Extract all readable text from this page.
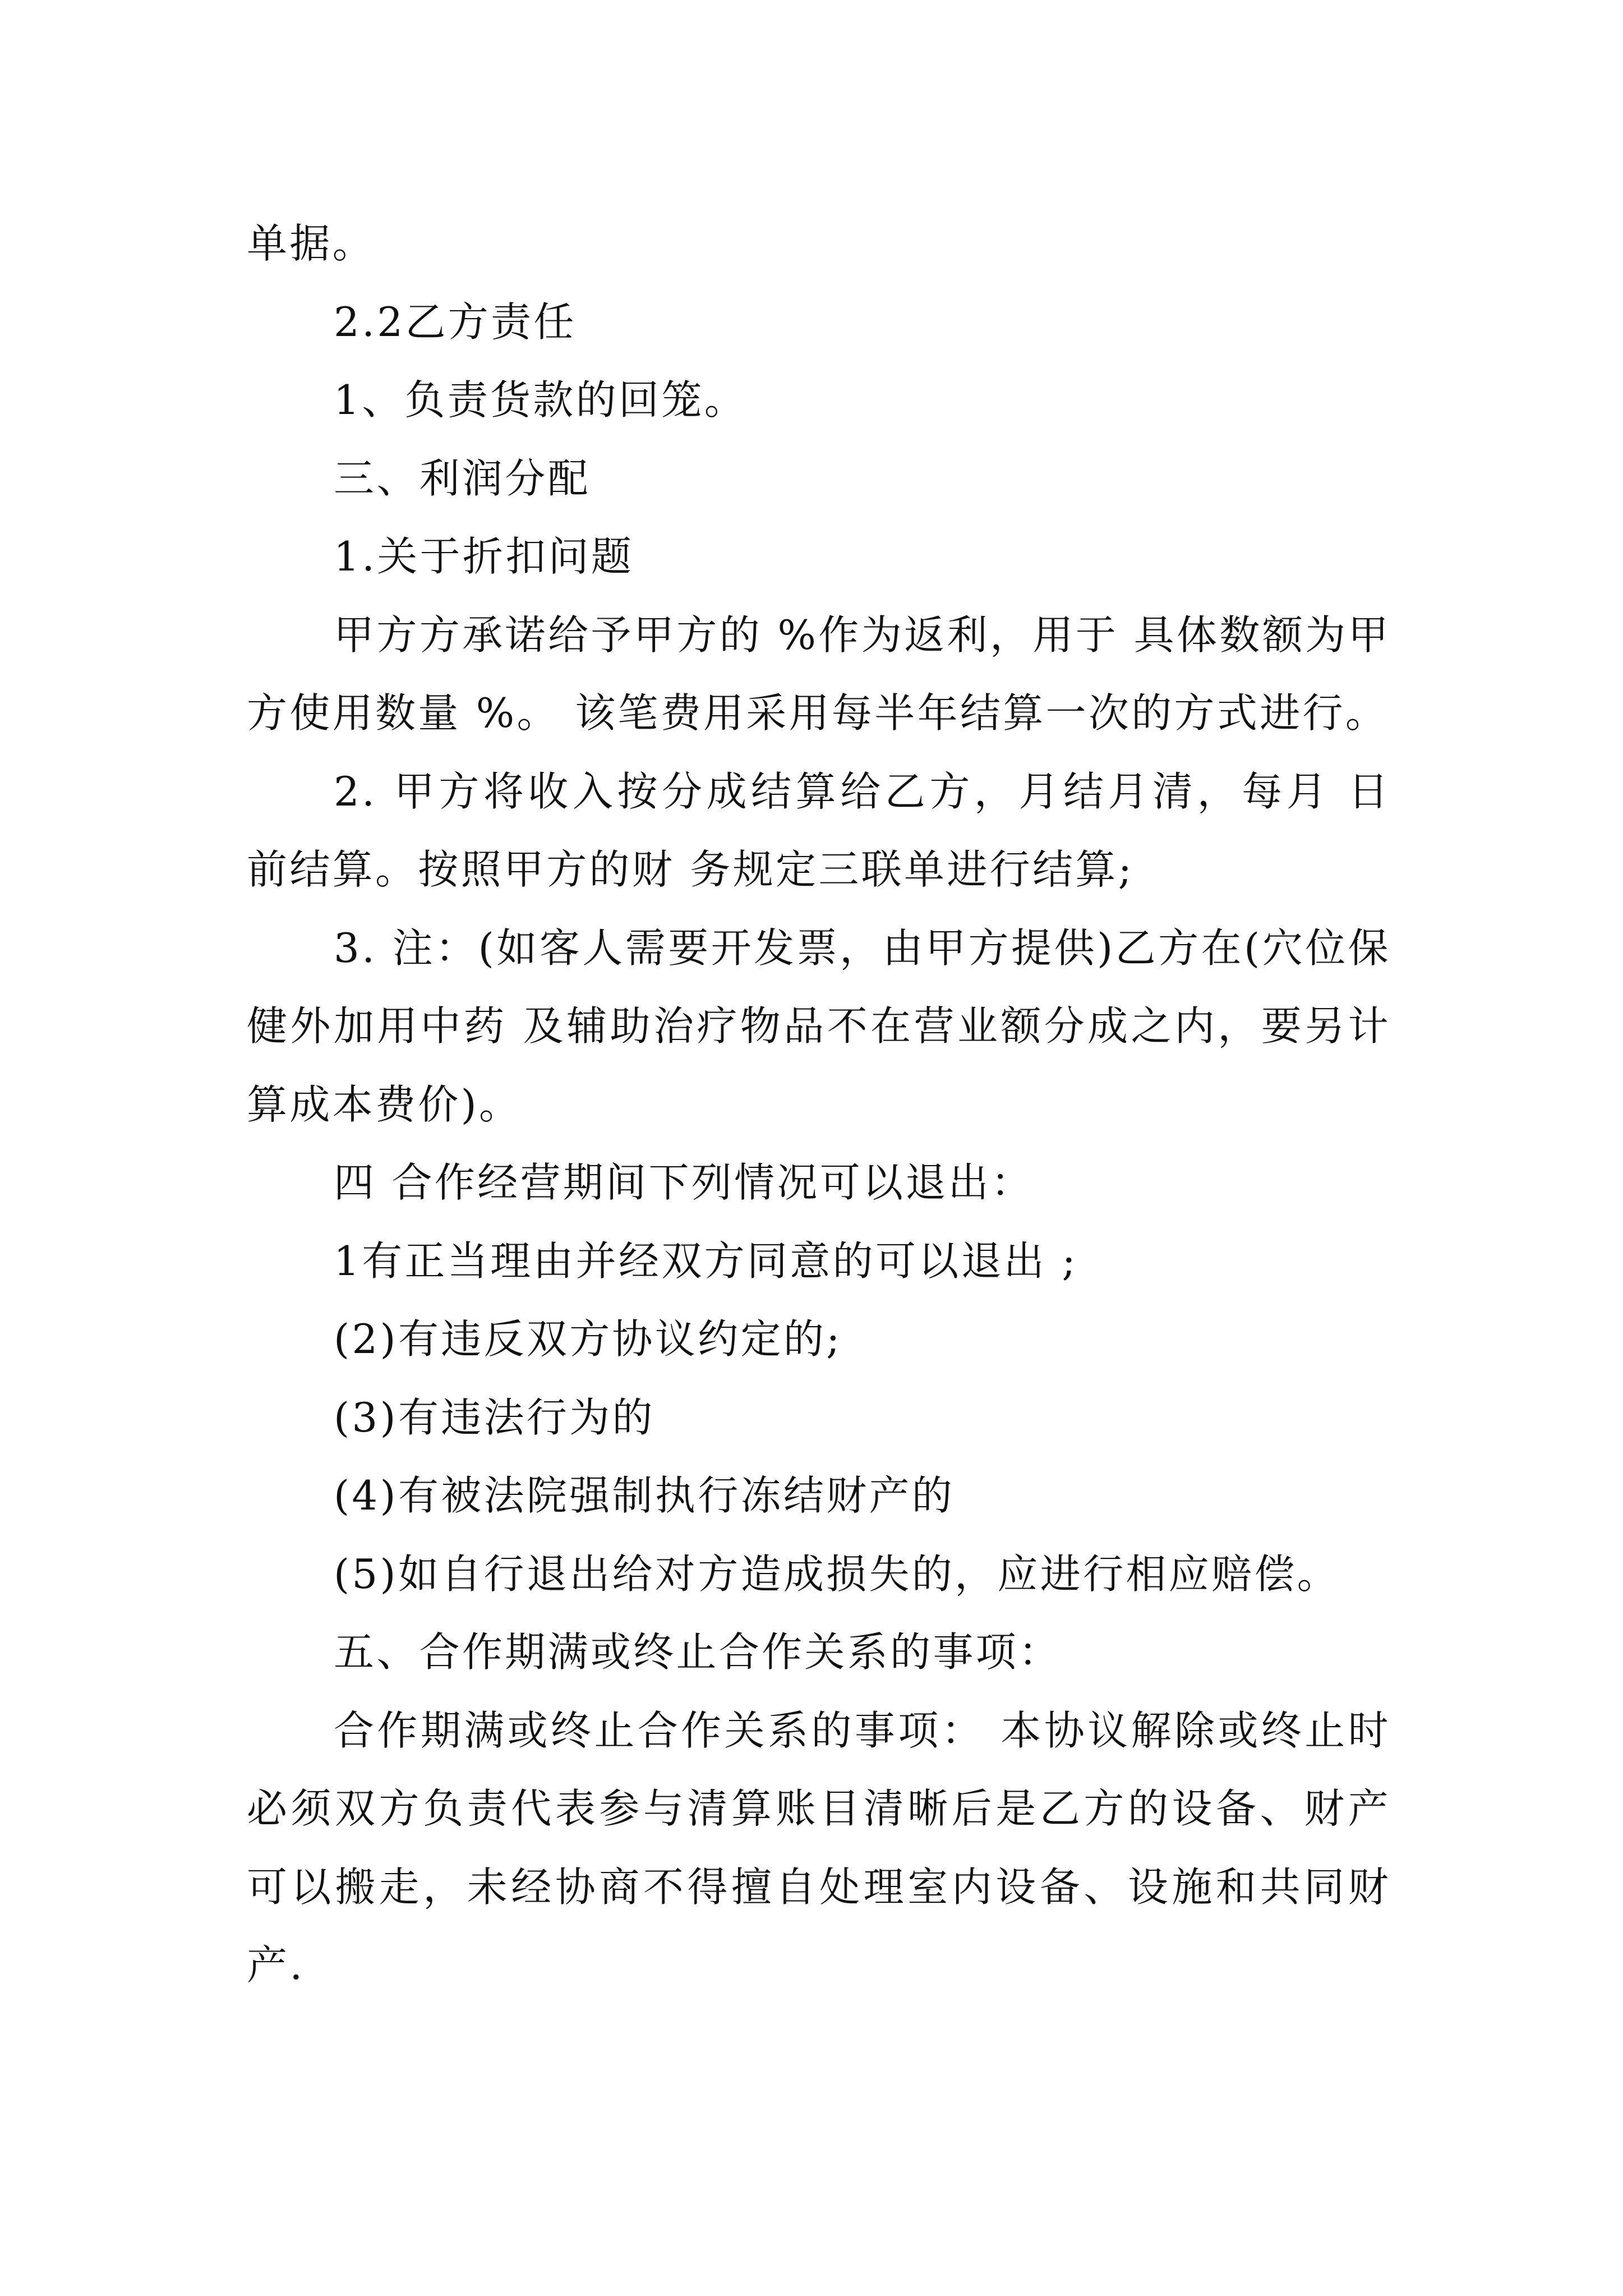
单据。

2.2乙方责任

1、负责货款的回笼。

三、利润分配

1.关于折扣问题

甲方方承诺给予甲方的 %作为返利，用于 具体数额为甲方使用数量 %。 该笔费用采用每半年结算一次的方式进行。

2. 甲方将收入按分成结算给乙方，月结月清，每月 日前结算。按照甲方的财 务规定三联单进行结算;

3. 注：(如客人需要开发票，由甲方提供)乙方在(穴位保健外加用中药 及辅助治疗物品不在营业额分成之内，要另计算成本费价)。

四 合作经营期间下列情况可以退出：

1有正当理由并经双方同意的可以退出 ;

(2)有违反双方协议约定的;

(3)有违法行为的

(4)有被法院强制执行冻结财产的

(5)如自行退出给对方造成损失的，应进行相应赔偿。

五、合作期满或终止合作关系的事项：

合作期满或终止合作关系的事项： 本协议解除或终止时必须双方负责代表参与清算账目清晰后是乙方的设备、财产可以搬走，未经协商不得擅自处理室内设备、设施和共同财产.
